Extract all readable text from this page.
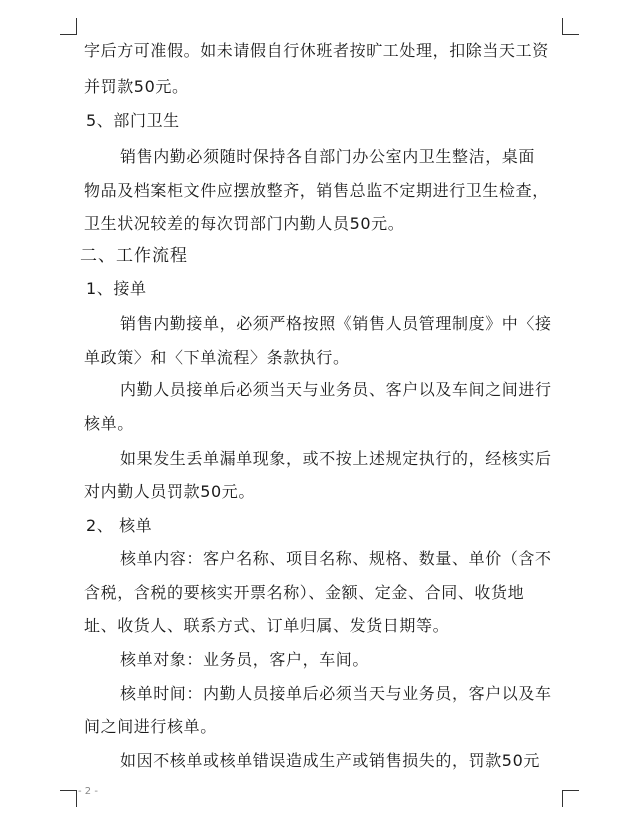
字后方可准假。如未请假自行休班者按旷工处理，扣除当天工资
并罚款50元。
5、部门卫生
销售内勤必须随时保持各自部门办公室内卫生整洁，桌面
物品及档案柜文件应摆放整齐，销售总监不定期进行卫生检查，
卫生状况较差的每次罚部门内勤人员50元。
二、工作流程
1、接单
销售内勤接单，必须严格按照《销售人员管理制度》中〈接
单政策〉和〈下单流程〉条款执行。
内勤人员接单后必须当天与业务员、客户以及车间之间进行
核单。
如果发生丢单漏单现象，或不按上述规定执行的，经核实后
对内勤人员罚款50元。
2、 核单
核单内容：客户名称、项目名称、规格、数量、单价（含不
含税，含税的要核实开票名称）、金额、定金、合同、收货地
址、收货人、联系方式、订单归属、发货日期等。
核单对象：业务员，客户，车间。
核单时间：内勤人员接单后必须当天与业务员，客户以及车
间之间进行核单。
如因不核单或核单错误造成生产或销售损失的，罚款50元
- 2 -
